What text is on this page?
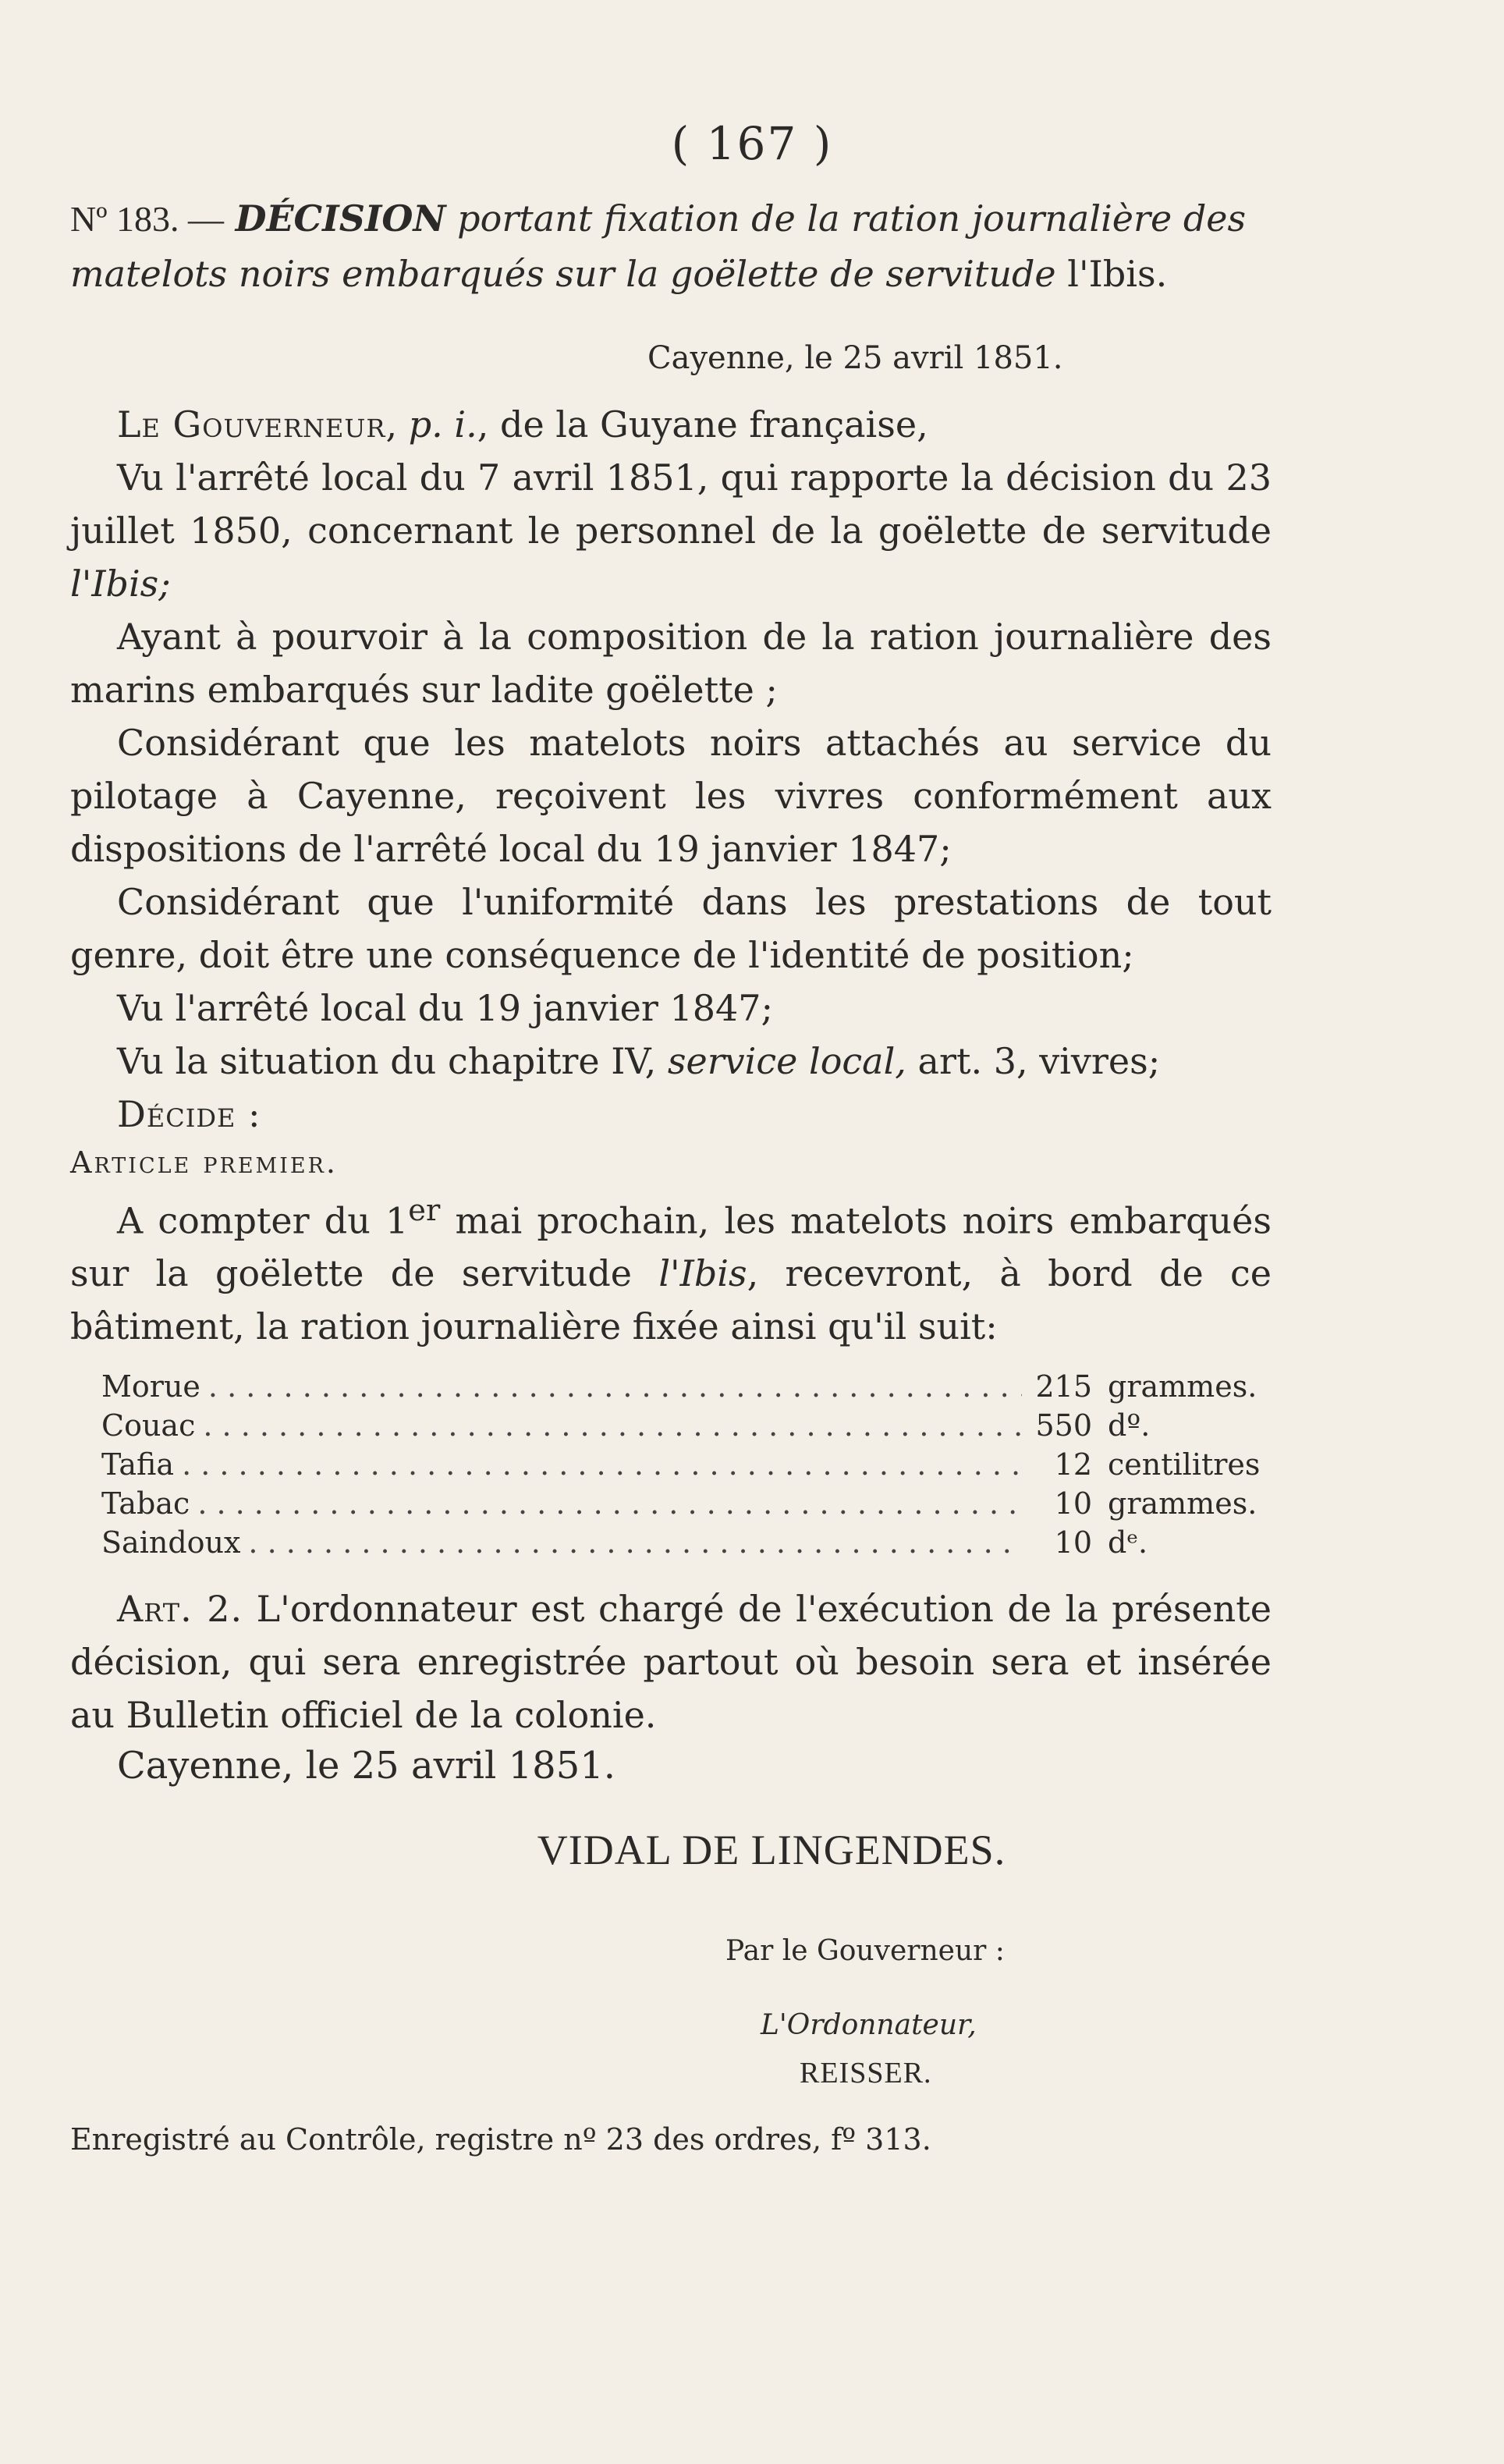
( 167 )
Nº 183. — DÉCISION portant fixation de la ration journalière des matelots noirs embarqués sur la goëlette de servitude l'Ibis.
Cayenne, le 25 avril 1851.

Le Gouverneur, p. i., de la Guyane française,

Vu l'arrêté local du 7 avril 1851, qui rapporte la décision du 23 juillet 1850, concernant le personnel de la goëlette de servitude l'Ibis;

Ayant à pourvoir à la composition de la ration journalière des marins embarqués sur ladite goëlette ;

Considérant que les matelots noirs attachés au service du pilotage à Cayenne, reçoivent les vivres conformément aux dispositions de l'arrêté local du 19 janvier 1847;

Considérant que l'uniformité dans les prestations de tout genre, doit être une conséquence de l'identité de position;

Vu l'arrêté local du 19 janvier 1847;

Vu la situation du chapitre IV, service local, art. 3, vivres;

Décide :

Article premier.

A compter du 1er mai prochain, les matelots noirs embarqués sur la goëlette de servitude l'Ibis, recevront, à bord de ce bâtiment, la ration journalière fixée ainsi qu'il suit:

Morue . . .	215 grammes.
Couac . . .	550 dº.
Tafia . . .	12 centilitres
Tabac . . .	10 grammes.
Saindoux . . .	10 dᵉ.

Art. 2. L'ordonnateur est chargé de l'exécution de la présente décision, qui sera enregistrée partout où besoin sera et insérée au Bulletin officiel de la colonie.

Cayenne, le 25 avril 1851.
VIDAL DE LINGENDES.
Par le Gouverneur :
L'Ordonnateur,
REISSER.
Enregistré au Contrôle, registre nº 23 des ordres, fº 313.
